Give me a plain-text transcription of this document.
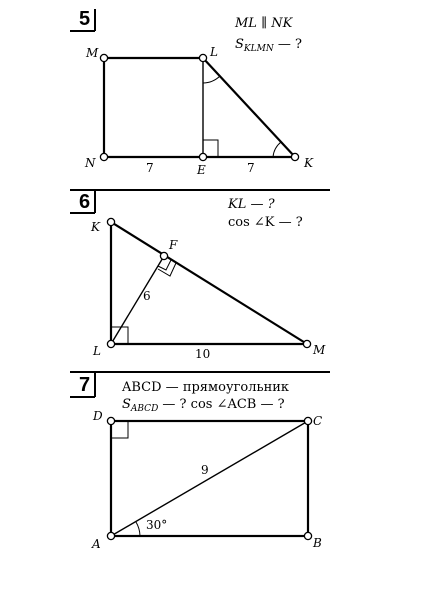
5	ML ∥ NK
$S_{KLMN}$ — ?
M	L
N	E	K
7	7
6	KL — ?
cos ∠K — ?
K
F
L	M
6
10
7 ABCD — прямоугольник
$S_{ABCD}$ — ? cos ∠ACB — ?
D	C
A	B
9
30°
